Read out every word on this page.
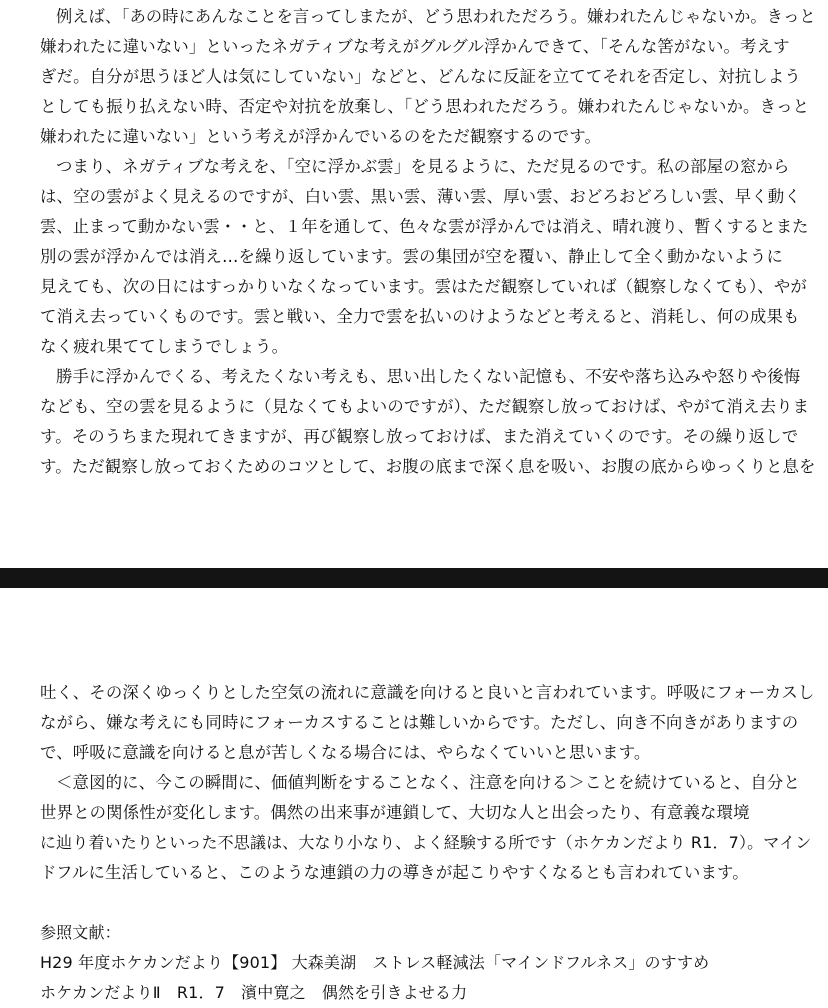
例えば、「あの時にあんなことを言ってしまたが、どう思われただろう。嫌われたんじゃないか。きっと
嫌われたに違いない」といったネガティブな考えがグルグル浮かんできて、「そんな筈がない。考えす
ぎだ。自分が思うほど人は気にしていない」などと、どんなに反証を立ててそれを否定し、対抗しよう
としても振り払えない時、否定や対抗を放棄し、「どう思われただろう。嫌われたんじゃないか。きっと
嫌われたに違いない」という考えが浮かんでいるのをただ観察するのです。
つまり、ネガティブな考えを、「空に浮かぶ雲」を見るように、ただ見るのです。私の部屋の窓から
は、空の雲がよく見えるのですが、白い雲、黒い雲、薄い雲、厚い雲、おどろおどろしい雲、早く動く
雲、止まって動かない雲・・と、１年を通して、色々な雲が浮かんでは消え、晴れ渡り、暫くするとまた
別の雲が浮かんでは消え…を繰り返しています。雲の集団が空を覆い、静止して全く動かないように
見えても、次の日にはすっかりいなくなっています。雲はただ観察していれば（観察しなくても）、やが
て消え去っていくものです。雲と戦い、全力で雲を払いのけようなどと考えると、消耗し、何の成果も
なく疲れ果ててしまうでしょう。
勝手に浮かんでくる、考えたくない考えも、思い出したくない記憶も、不安や落ち込みや怒りや後悔
なども、空の雲を見るように（見なくてもよいのですが）、ただ観察し放っておけば、やがて消え去りま
す。そのうちまた現れてきますが、再び観察し放っておけば、また消えていくのです。その繰り返しで
す。ただ観察し放っておくためのコツとして、お腹の底まで深く息を吸い、お腹の底からゆっくりと息を
吐く、その深くゆっくりとした空気の流れに意識を向けると良いと言われています。呼吸にフォーカスし
ながら、嫌な考えにも同時にフォーカスすることは難しいからです。ただし、向き不向きがありますの
で、呼吸に意識を向けると息が苦しくなる場合には、やらなくていいと思います。
＜意図的に、今この瞬間に、価値判断をすることなく、注意を向ける＞ことを続けていると、自分と
世界との関係性が変化します。偶然の出来事が連鎖して、大切な人と出会ったり、有意義な環境
に辿り着いたりといった不思議は、大なり小なり、よく経験する所です（ホケカンだより R1．7）。マイン
ドフルに生活していると、このような連鎖の力の導きが起こりやすくなるとも言われています。
参照文献：
H29 年度ホケカンだより【901】 大森美湖　ストレス軽減法「マインドフルネス」のすすめ
ホケカンだよりⅡ　R1．7　濱中寛之　偶然を引きよせる力
